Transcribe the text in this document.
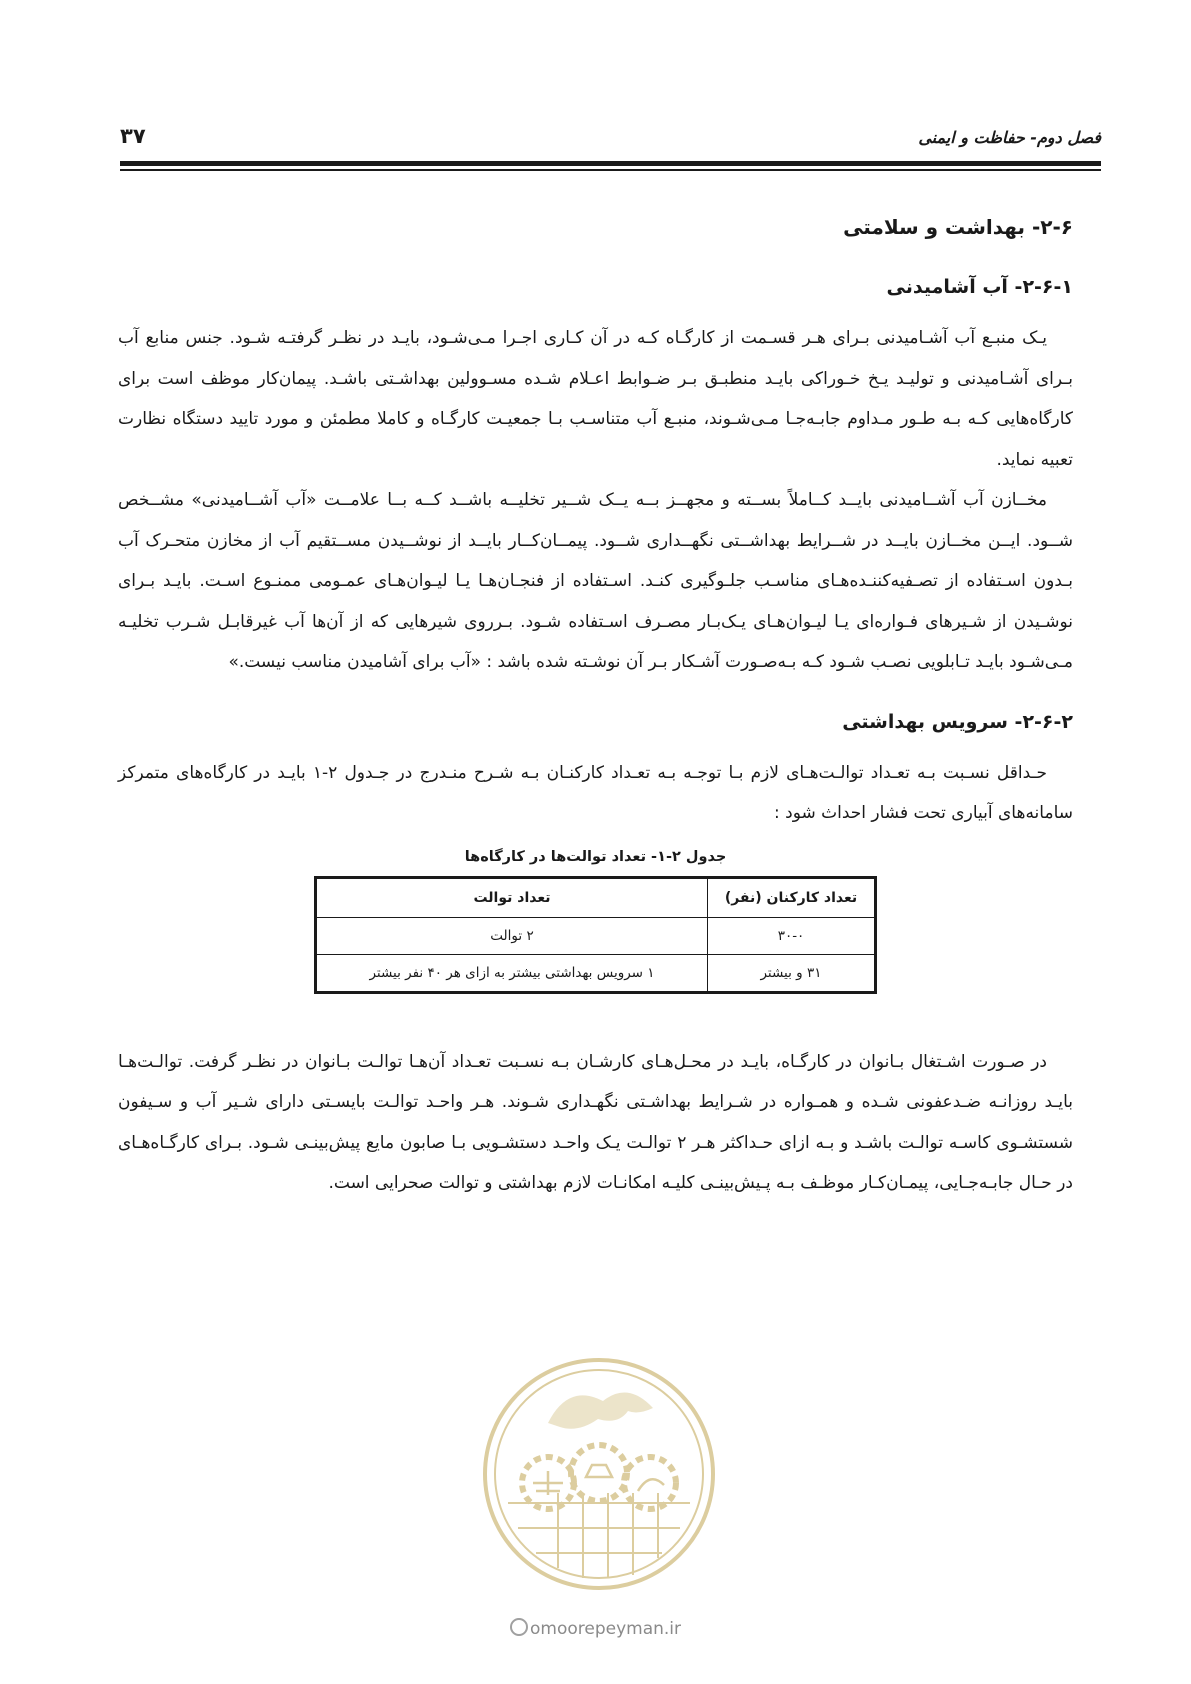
فصل دوم- حفاظت و ایمنی
۳۷
۲-۶- بهداشت و سلامتی
۲-۶-۱- آب آشامیدنی

یـک منبـع آب آشـامیدنی بـرای هـر قسـمت از کارگـاه کـه در آن کـاری اجـرا مـی‌شـود، بایـد در نظـر گرفتـه شـود. جنس منابع آب بـرای آشـامیدنی و تولیـد یـخ خـوراکی بایـد منطبـق بـر ضـوابط اعـلام شـده مسـوولین بهداشـتی باشـد. پیمان‌کار موظف است برای کارگاه‌هایی کـه بـه طـور مـداوم جابـه‌جـا مـی‌شـوند، منبـع آب متناسـب بـا جمعیـت کارگـاه و کاملا مطمئن و مورد تایید دستگاه نظارت تعبیه نماید.

مخــازن آب آشــامیدنی بایــد کــاملاً بســته و مجهــز بــه یــک شــیر تخلیــه باشــد کــه بــا علامــت «آب آشــامیدنی» مشــخص شــود. ایــن مخــازن بایــد در شــرایط بهداشــتی نگهــداری شــود. پیمــان‌کــار بایــد از نوشــیدن مســتقیم آب از مخازن متحـرک آب بـدون اسـتفاده از تصـفیه‌کننـده‌هـای مناسـب جلـوگیری کنـد. اسـتفاده از فنجـان‌هـا یـا لیـوان‌هـای عمـومی ممنـوع اسـت. بایـد بـرای نوشـیدن از شـیرهای فـواره‌ای یـا لیـوان‌هـای یـک‌بـار مصـرف اسـتفاده شـود. بـرروی شیرهایی که از آن‌ها آب غیرقابـل شـرب تخلیـه مـی‌شـود بایـد تـابلویی نصـب شـود کـه بـه‌صـورت آشـکار بـر آن نوشـته شده باشد : «آب برای آشامیدن مناسب نیست.»

۲-۶-۲- سرویس بهداشتی

حـداقل نسـبت بـه تعـداد توالـت‌هـای لازم بـا توجـه بـه تعـداد کارکنـان بـه شـرح منـدرج در جـدول ۲-۱ بایـد در کارگاه‌های متمرکز سامانه‌های آبیاری تحت فشار احداث شود :

جدول ۲-۱- تعداد توالت‌ها در کارگاه‌ها
تعداد کارکنان (نفر)	تعداد توالت
۳۰-۰	۲ توالت
۳۱ و بیشتر	۱ سرویس بهداشتی بیشتر به ازای هر ۴۰ نفر بیشتر

در صـورت اشـتغال بـانوان در کارگـاه، بایـد در محـل‌هـای کارشـان بـه نسـبت تعـداد آن‌هـا توالـت بـانوان در نظـر گرفت. توالـت‌هـا بایـد روزانـه ضـدعفونی شـده و همـواره در شـرایط بهداشـتی نگهـداری شـوند. هـر واحـد توالـت بایسـتی دارای شـیر آب و سـیفون شستشـوی کاسـه توالـت باشـد و بـه ازای حـداکثر هـر ۲ توالـت یـک واحـد دستشـویی بـا صابون مایع پیش‌بینـی شـود. بـرای کارگـاه‌هـای در حـال جابـه‌جـایی، پیمـان‌کـار موظـف بـه پـیش‌بینـی کلیـه امکانـات لازم بهداشتی و توالت صحرایی است.

omoorepeyman.ir
